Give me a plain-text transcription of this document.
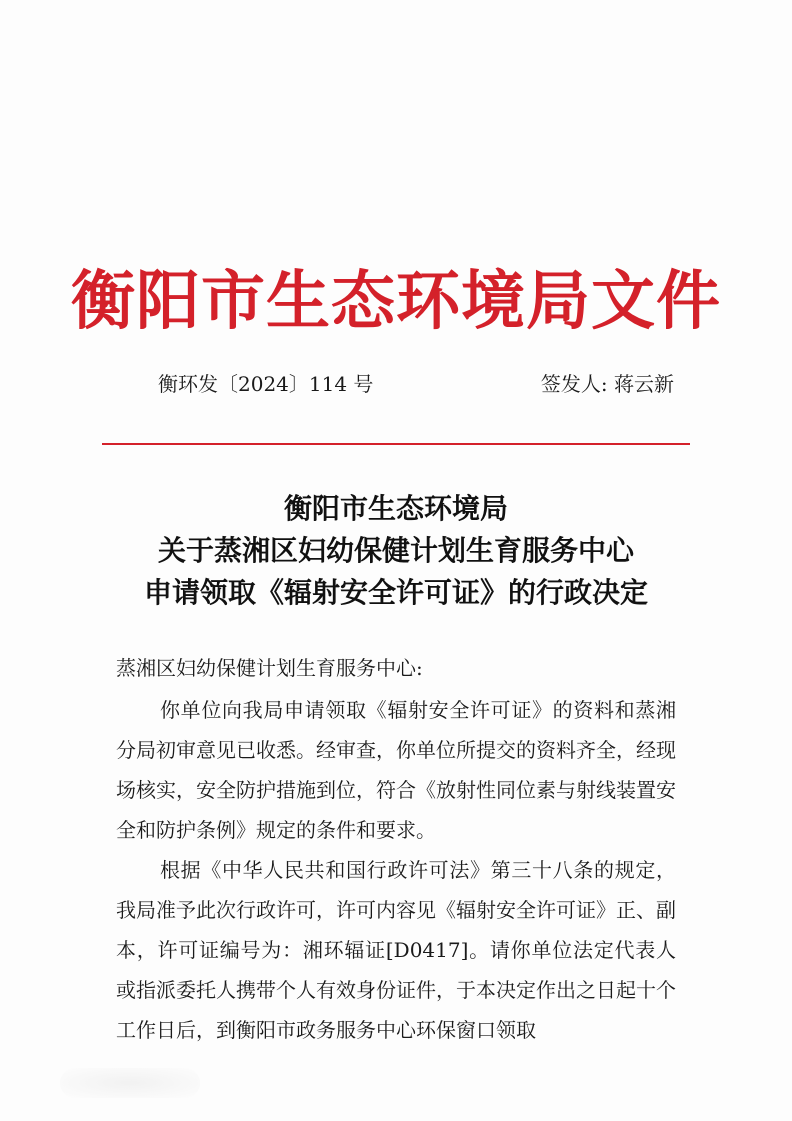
衡阳市生态环境局文件
衡环发〔2024〕114 号	签发人: 蒋云新
衡阳市生态环境局
关于蒸湘区妇幼保健计划生育服务中心
申请领取《辐射安全许可证》的行政决定
蒸湘区妇幼保健计划生育服务中心:
你单位向我局申请领取《辐射安全许可证》的资料和蒸湘分局初审意见已收悉。经审查，你单位所提交的资料齐全，经现场核实，安全防护措施到位，符合《放射性同位素与射线装置安全和防护条例》规定的条件和要求。
根据《中华人民共和国行政许可法》第三十八条的规定，我局准予此次行政许可，许可内容见《辐射安全许可证》正、副本，许可证编号为：湘环辐证[D0417]。请你单位法定代表人或指派委托人携带个人有效身份证件，于本决定作出之日起十个工作日后，到衡阳市政务服务中心环保窗口领取
